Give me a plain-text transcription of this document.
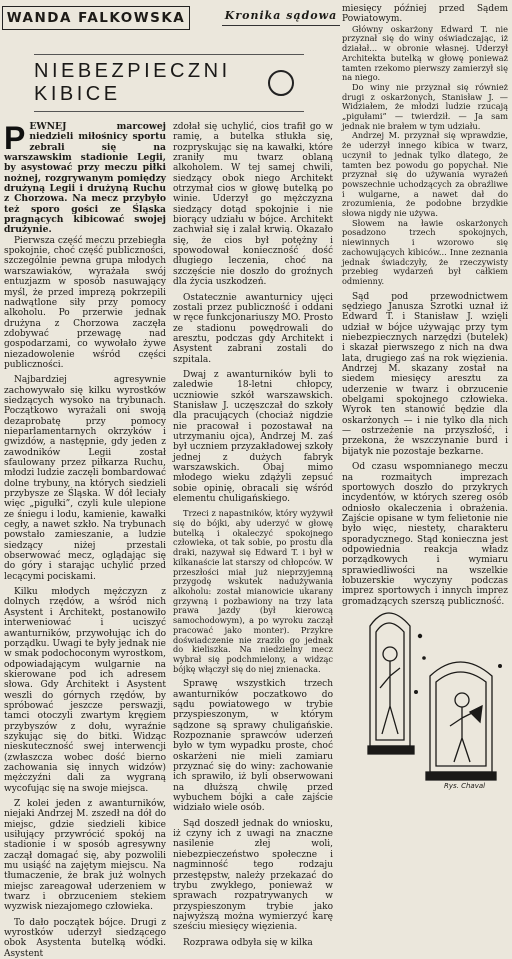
WANDA FALKOWSKA	Kronika sądowa
NIEBEZPIECZNI KIBICE

PEWNEJ marcowej niedzieli miłośnicy sportu zebrali się na warszawskim stadionie Legii, by asystować przy meczu piłki nożnej, rozgrywanym pomiędzy drużyną Legii i drużyną Ruchu z Chorzowa. Na mecz przybyło też sporo gości ze Śląska pragnących kibicować swojej drużynie.

Pierwsza część meczu przebiegła spokojnie, choć część publiczności, szczególnie pewna grupa młodych warszawiaków, wyrażała swój entuzjazm w sposób nasuwający myśl, że przed imprezą pokrzepili nadwątlone siły przy pomocy alkoholu. Po przerwie jednak drużyna z Chorzowa zaczęła zdobywać przewagę nad gospodarzami, co wywołało żywe niezadowolenie wśród części publiczności.

Najbardziej agresywnie zachowywało się kilku wyrostków siedzących wysoko na trybunach. Początkowo wyrażali oni swoją dezaprobatę przy pomocy nieparlamentarnych okrzyków i gwizdów, a następnie, gdy jeden z zawodników Legii został sfaulowany przez piłkarza Ruchu, młodzi ludzie zaczęli bombardować dolne trybuny, na których siedzieli przybysze ze Śląska. W dół leciały więc „pigułki”, czyli kule ulepione ze śniegu i lodu, kamienie, kawałki cegły, a nawet szkło. Na trybunach powstało zamieszanie, a ludzie siedzący niżej przestali obserwować mecz, oglądając się do góry i starając uchylić przed lecącymi pociskami.

Kilku młodych mężczyzn z dolnych rzędów, a wśród nich Asystent i Architekt, postanowiło interweniować i uciszyć awanturników, przywołując ich do porządku. Uwagi te były jednak nie w smak podochoconym wyrostkom, odpowiadającym wulgarnie na skierowane pod ich adresem słowa. Gdy Architekt i Asystent weszli do górnych rzędów, by spróbować jeszcze perswazji, tamci otoczyli zwartym kręgiem przybyszów z dołu, wyraźnie szykując się do bitki. Widząc nieskuteczność swej interwencji (zwłaszcza wobec dość bierno zachowania się innych widzów) mężczyźni dali za wygraną wycofując się na swoje miejsca.

Z kolei jeden z awanturników, niejaki Andrzej M. zszedł na dół do miejsc, gdzie siedzieli kibice usiłujący przywrócić spokój na stadionie i w sposób agresywny zaczął domagać się, aby pozwolili mu usiąść na zajętym miejscu. Na tłumaczenie, że brak już wolnych miejsc zareagował uderzeniem w twarz i obrzuceniem stekiem wyzwisk niezajomego człowieka.

To dało początek bójce. Drugi z wyrostków uderzył siedzącego obok Asystenta butelką wódki. Asystent

zdołał się uchylić, cios trafił go w ramię, a butelka stłukła się, rozpryskując się na kawałki, które zraniły mu twarz oblaną alkoholem. W tej samej chwili, siedzący obok niego Architekt otrzymał cios w głowę butelką po winie. Uderzył go mężczyzna siedzący dotąd spokojnie i nie biorący udziału w bójce. Architekt zachwiał się i zalał krwią. Okazało się, że cios był potężny i spowodował konieczność dość długiego leczenia, choć na szczęście nie doszło do groźnych dla życia uszkodzeń.

Ostatecznie awanturnicy ujęci zostali przez publiczność i oddani w ręce funkcjonariuszy MO. Prosto ze stadionu powędrowali do aresztu, podczas gdy Architekt i Asystent zabrani zostali do szpitala.

Dwaj z awanturników byli to zaledwie 18-letni chłopcy, uczniowie szkół warszawskich. Stanisław J. uczęszczał do szkoły dla pracujących (chociaż nigdzie nie pracował i pozostawał na utrzymaniu ojca), Andrzej M. zaś był uczniem przyzakładowej szkoły jednej z dużych fabryk warszawskich. Obaj mimo młodego wieku zdążyli zepsuć sobie opinię, obracali się wśród elementu chuligańskiego.

Trzeci z napastników, który wyżywił się do bójki, aby uderzyć w głowę butelką i okaleczyć spokojnego człowieka, ot tak sobie, po prostu dla draki, nazywał się Edward T. i był w kilkanaście lat starszy od chłopców. W przeszłości miał już nieprzyjemną przygodę wskutek nadużywania alkoholu: został mianowicie ukarany grzywną i pozbawiony na trzy lata prawa jazdy (był kierowcą samochodowym), a po wyroku zaczął pracować jako monter). Przykre doświadczenie nie zraziło go jednak do kieliszka. Na niedzielny mecz wybrał się podchmielony, a widząc bójkę włączył się do niej znienacka.

Sprawę wszystkich trzech awanturników poczatkowo do sądu powiatowego w trybie przyspieszonym, w którym sądzone są sprawy chuligańskie. Rozpoznanie sprawców uderzeń było w tym wypadku proste, choć oskarżeni nie mieli zamiaru przyznać się do winy: zachowanie ich sprawiło, iż byli obserwowani na dłuższą chwilę przed wybuchem bójki a całe zajście widziało wiele osób.

Sąd doszedł jednak do wniosku, iż czyny ich z uwagi na znaczne nasilenie złej woli, niebezpieczeństwo społeczne i nagminność tego rodzaju przestępstw, należy przekazać do trybu zwykłego, ponieważ w sprawach rozpatrywanych w przyspieszonym trybie jako najwyższą można wymierzyć karę sześciu miesięcy więzienia.

Rozprawa odbyła się w kilka

miesięcy później przed Sądem Powiatowym.

Główny oskarżony Edward T. nie przyznał się do winy oświadczając, iż działał... w obronie własnej. Uderzył Architekta butelką w głowę ponieważ tamten rzekomo pierwszy zamierzył się na niego.

Do winy nie przyznał się również drugi z oskarżonych, Stanisław J. — Widziałem, że młodzi ludzie rzucają „pigułami” — twierdził. — Ja sam jednak nie brałem w tym udziału.

Andrzej M. przyznał się wprawdzie, że uderzył innego kibica w twarz, uczynił to jednak tylko dlatego, że tamten bez powodu go popychał. Nie przyznał się do używania wyrażeń powszechnie uchodzących za obraźliwe i wulgarne, a nawet dał do zrozumienia, że podobne brzydkie słowa nigdy nie używa.

Słowem na ławie oskarżonych posadzono trzech spokojnych, niewinnych i wzorowo się zachowujących kibiców... Inne zeznania jednak świadczyły, że rzeczywisty przebieg wydarzeń był całkiem odmienny.

Sąd pod przewodnictwem sędziego Janusza Szrotki uznał iż Edward T. i Stanisław J. wzięli udział w bójce używając przy tym niebezpiecznych narzędzi (butelek) i skazał pierwszego z nich na dwa lata, drugiego zaś na rok więzienia. Andrzej M. skazany został na siedem miesięcy aresztu za uderzenie w twarz i obrzucenie obelgami spokojnego człowieka. Wyrok ten stanowić będzie dla oskarżonych — i nie tylko dla nich — ostrzeżenie na przyszłość, i przekona, że wszczynanie burd i bijatyk nie pozostaje bezkarne.

Od czasu wspomnianego meczu na rozmaitych imprezach sportowych doszło do przykrych incydentów, w których szereg osób odniosło okaleczenia i obrażenia. Zajście opisane w tym felietonie nie było więc, niestety, charakteru sporadycznego. Stąd konieczna jest odpowiednia reakcja władz porządkowych i wymiaru sprawiedliwości na wszelkie łobuzerskie wyczyny podczas imprez sportowych i innych imprez gromadzących szerszą publiczność.

Rys. Chaval
